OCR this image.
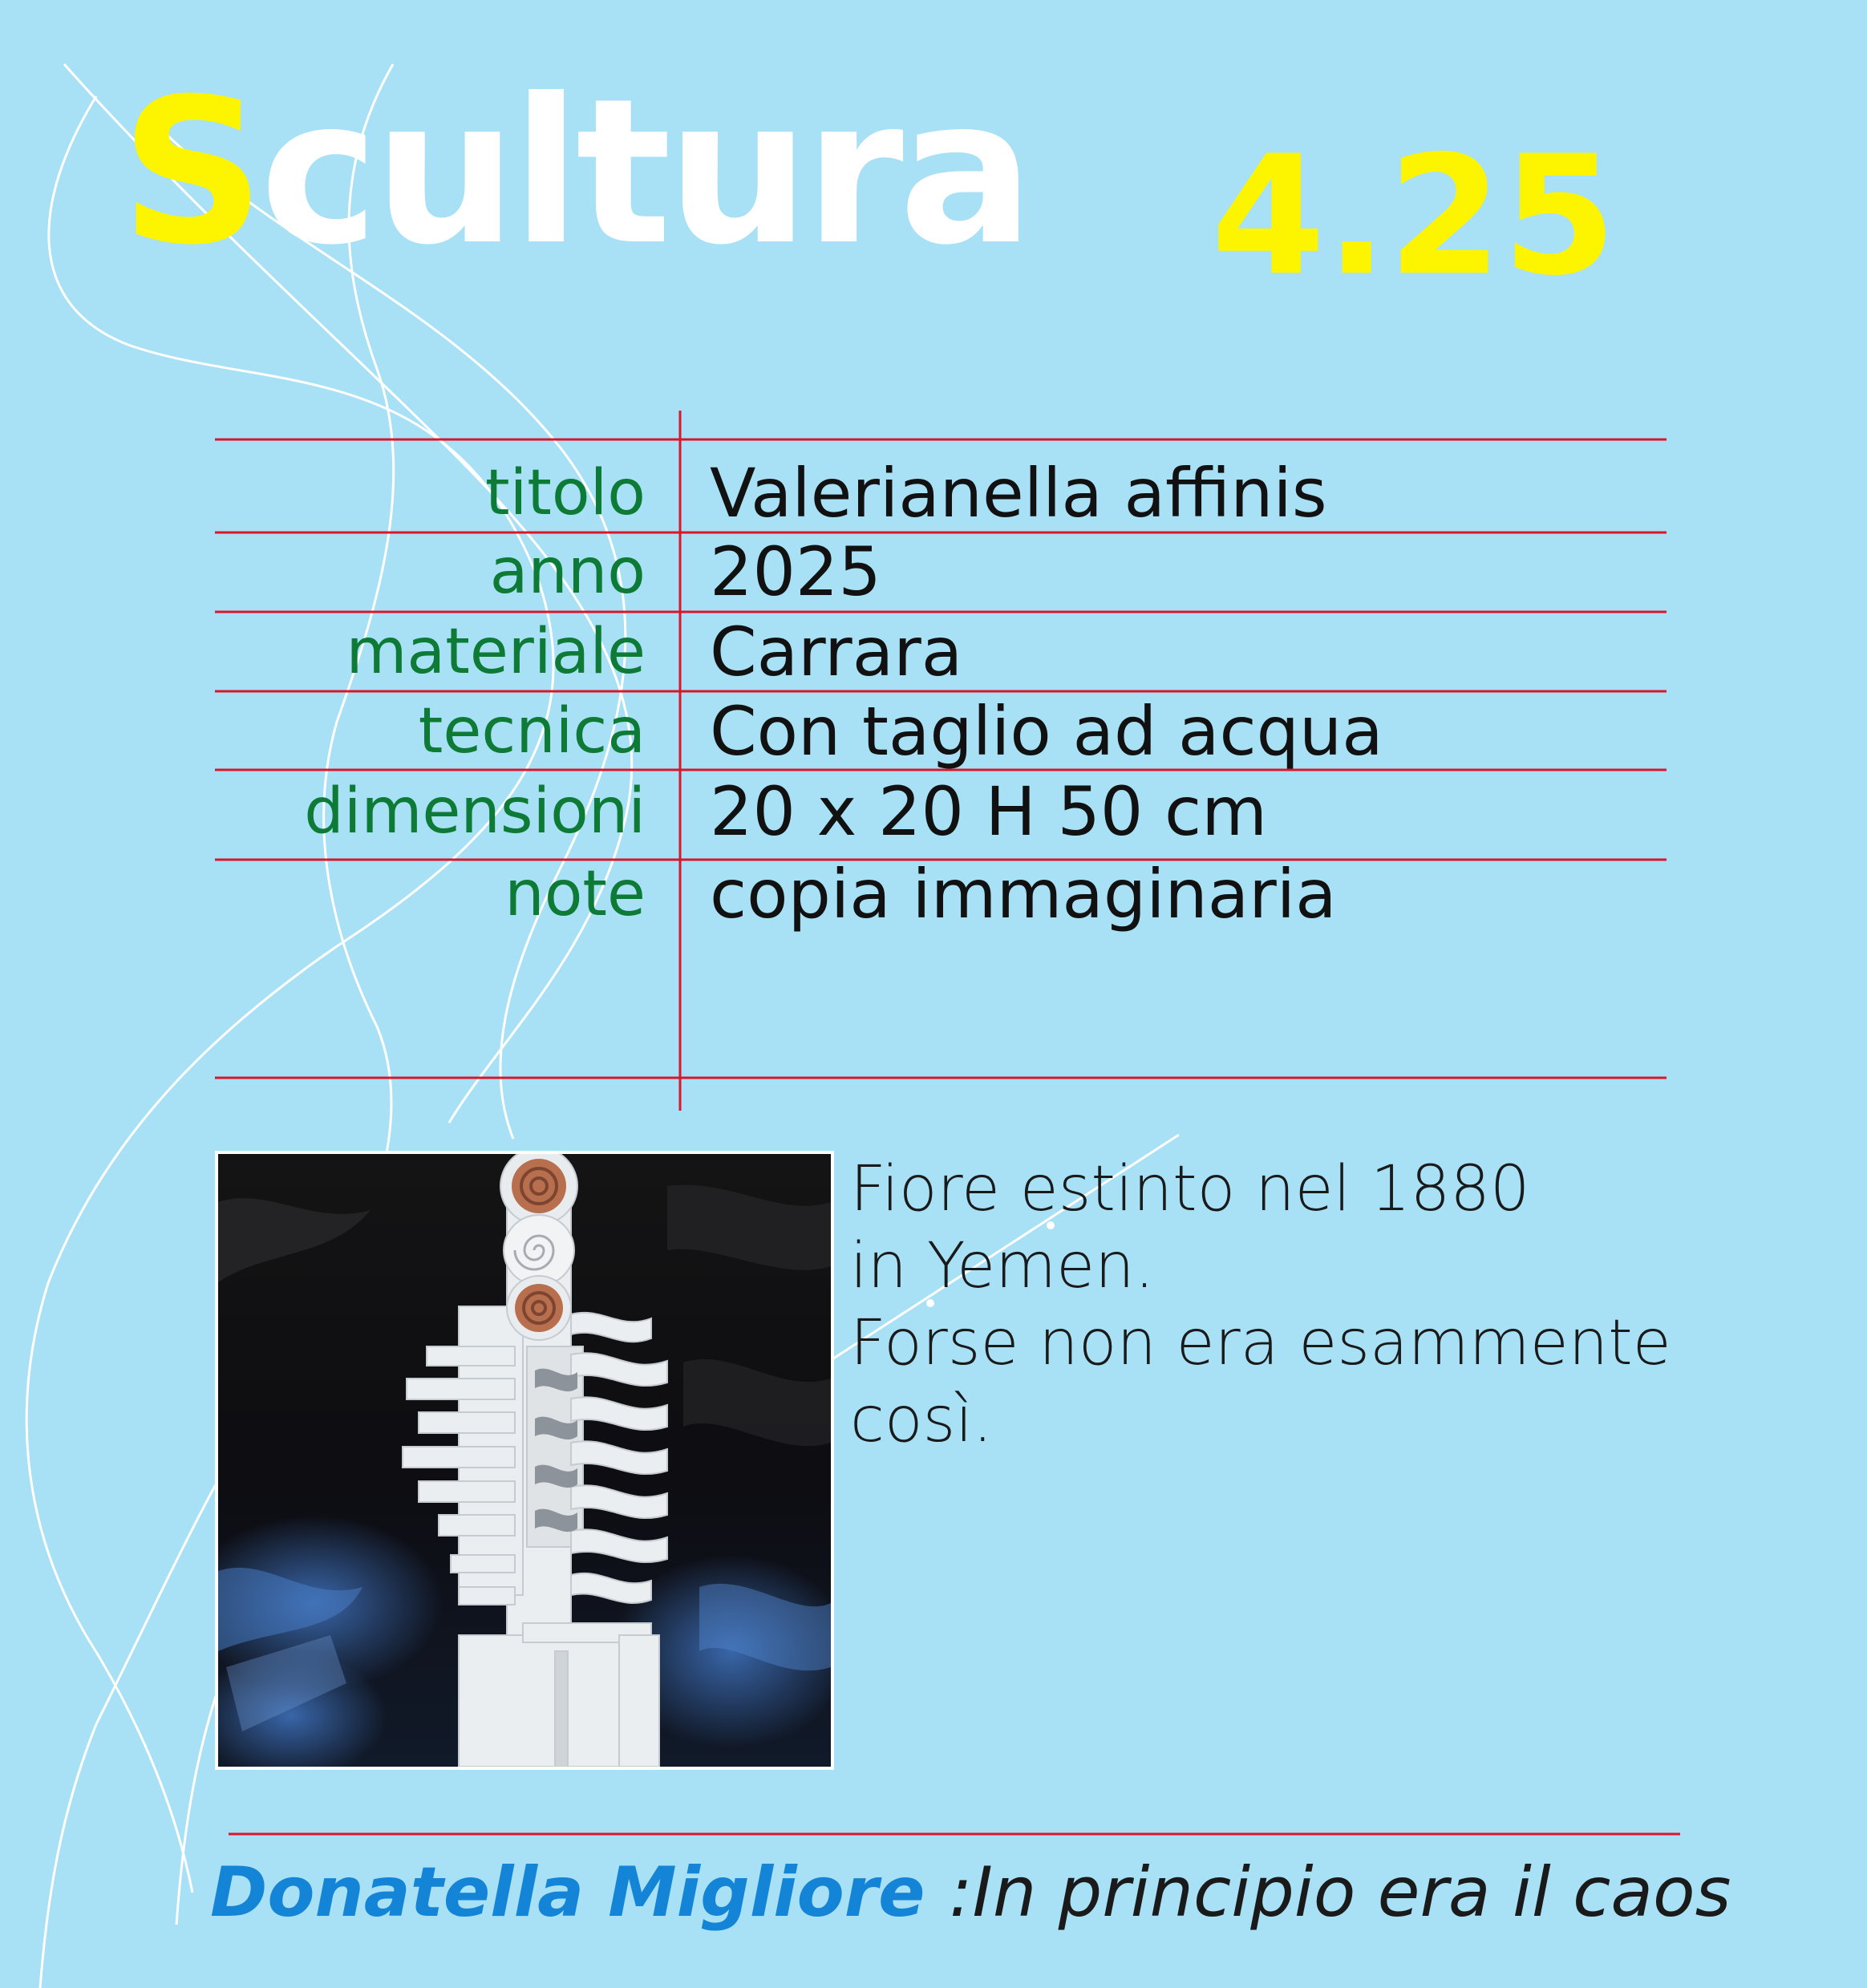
Scultura 4.25
titolo Valerianella affinis
anno 2025
materiale Carrara
tecnica Con taglio ad acqua
dimensioni 20 x 20 H 50 cm
note copia immaginaria
Fiore estinto nel 1880
in Yemen.
Forse non era esammente
così.
Donatella Migliore :In principio era il caos
